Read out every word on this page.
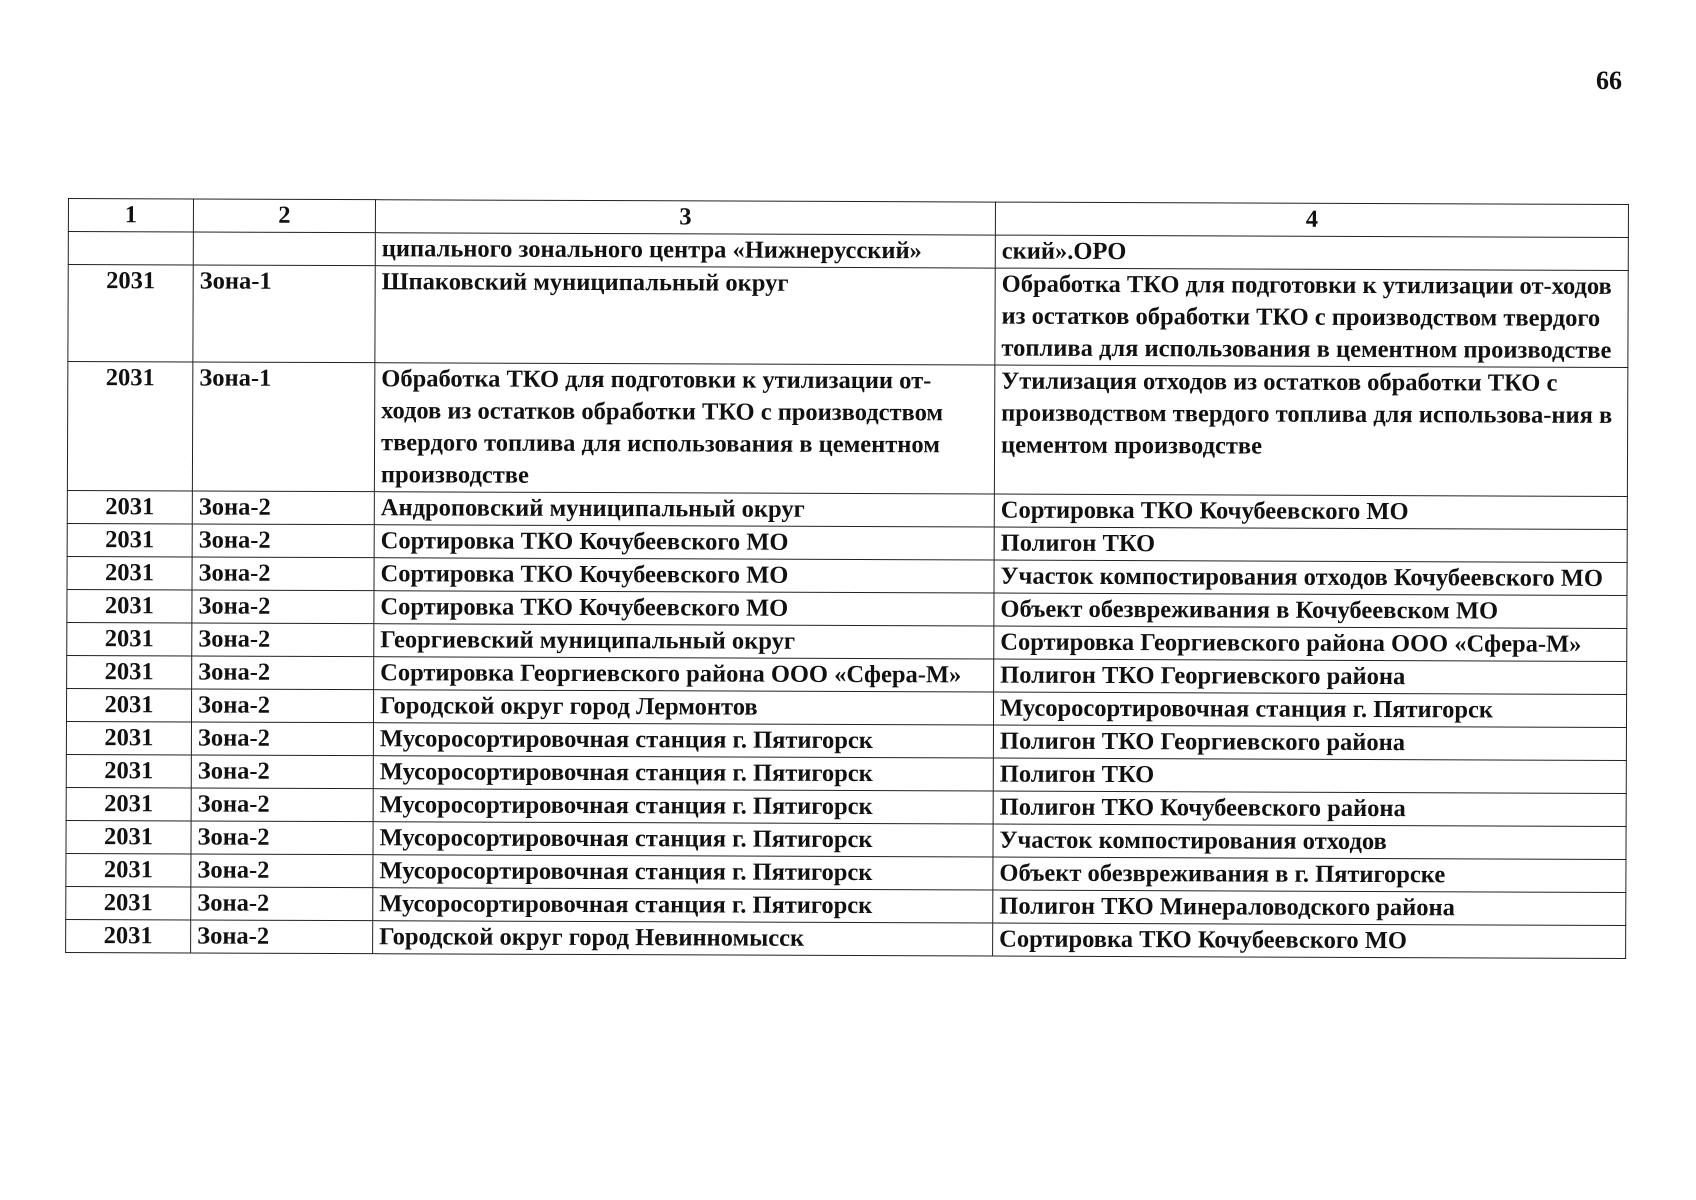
66
1	2	3	4
		ципального зонального центра «Нижнерусский»	ский».ОРО
2031	Зона-1	Шпаковский муниципальный округ	Обработка ТКО для подготовки к утилизации от-ходов из остатков обработки ТКО с производством твердого топлива для использования в цементном производстве
2031	Зона-1	Обработка ТКО для подготовки к утилизации от-ходов из остатков обработки ТКО с производством твердого топлива для использования в цементном производстве	Утилизация отходов из остатков обработки ТКО с производством твердого топлива для использова-ния в цементом производстве
2031	Зона-2	Андроповский муниципальный округ	Сортировка ТКО Кочубеевского МО
2031	Зона-2	Сортировка ТКО Кочубеевского МО	Полигон ТКО
2031	Зона-2	Сортировка ТКО Кочубеевского МО	Участок компостирования отходов Кочубеевского МО
2031	Зона-2	Сортировка ТКО Кочубеевского МО	Объект обезвреживания в Кочубеевском МО
2031	Зона-2	Георгиевский муниципальный округ	Сортировка Георгиевского района ООО «Сфера-М»
2031	Зона-2	Сортировка Георгиевского района ООО «Сфера-М»	Полигон ТКО Георгиевского района
2031	Зона-2	Городской округ город Лермонтов	Мусоросортировочная станция г. Пятигорск
2031	Зона-2	Мусоросортировочная станция г. Пятигорск	Полигон ТКО Георгиевского района
2031	Зона-2	Мусоросортировочная станция г. Пятигорск	Полигон ТКО
2031	Зона-2	Мусоросортировочная станция г. Пятигорск	Полигон ТКО Кочубеевского района
2031	Зона-2	Мусоросортировочная станция г. Пятигорск	Участок компостирования отходов
2031	Зона-2	Мусоросортировочная станция г. Пятигорск	Объект обезвреживания в г. Пятигорске
2031	Зона-2	Мусоросортировочная станция г. Пятигорск	Полигон ТКО Минераловодского района
2031	Зона-2	Городской округ город Невинномысск	Сортировка ТКО Кочубеевского МО
